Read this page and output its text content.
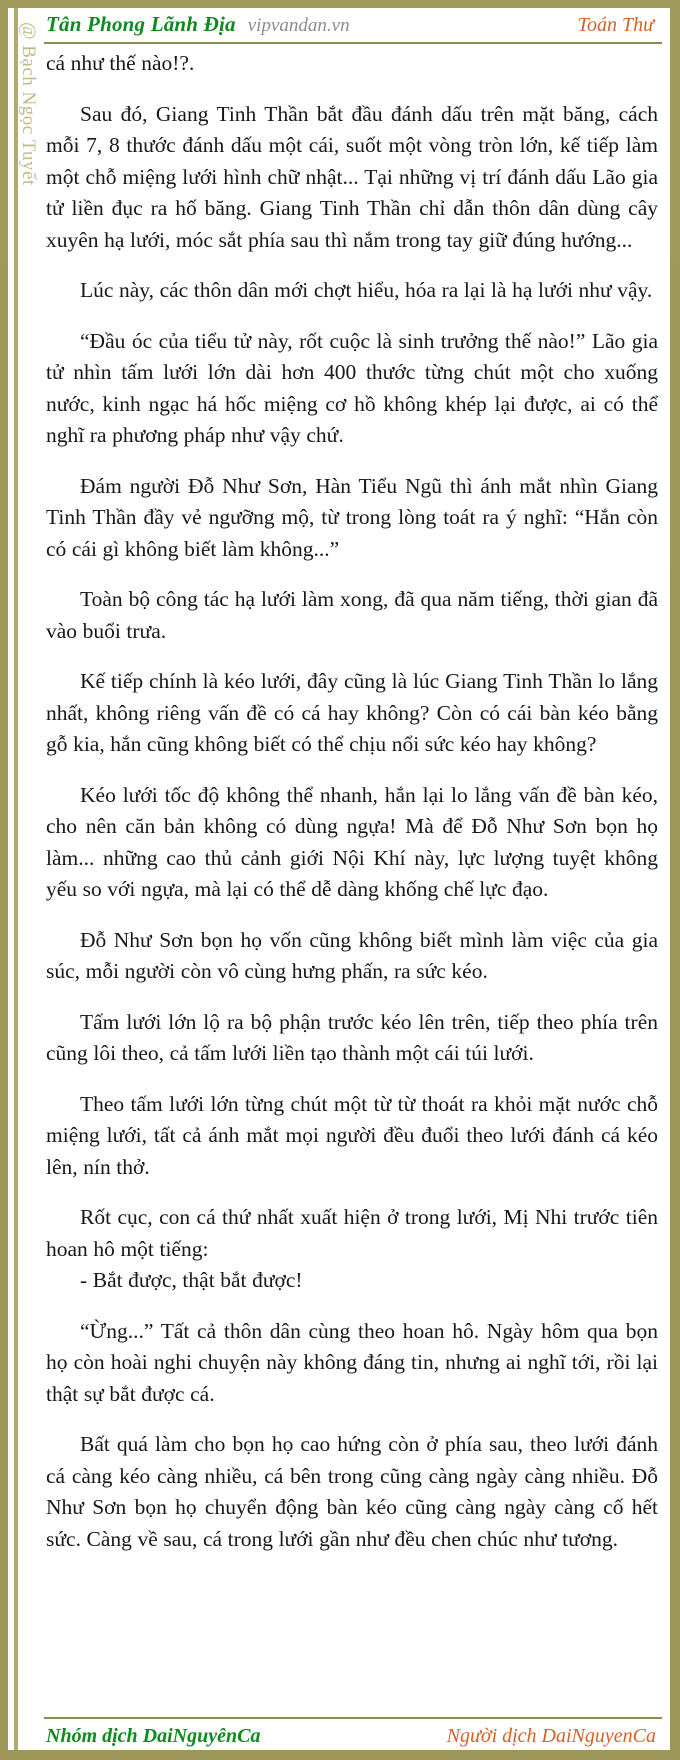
@ Bạch Ngọc Tuyết Tân Phong Lãnh Địa vipvandan.vn	Toán Thư

cá như thế nào!?.

Sau đó, Giang Tinh Thần bắt đầu đánh dấu trên mặt băng, cách mỗi 7, 8 thước đánh dấu một cái, suốt một vòng tròn lớn, kế tiếp làm một chỗ miệng lưới hình chữ nhật... Tại những vị trí đánh dấu Lão gia tử liền đục ra hố băng. Giang Tinh Thần chỉ dẫn thôn dân dùng cây xuyên hạ lưới, móc sắt phía sau thì nắm trong tay giữ đúng hướng...

Lúc này, các thôn dân mới chợt hiểu, hóa ra lại là hạ lưới như vậy.

“Đầu óc của tiểu tử này, rốt cuộc là sinh trưởng thế nào!” Lão gia tử nhìn tấm lưới lớn dài hơn 400 thước từng chút một cho xuống nước, kinh ngạc há hốc miệng cơ hồ không khép lại được, ai có thể nghĩ ra phương pháp như vậy chứ.

Đám người Đỗ Như Sơn, Hàn Tiểu Ngũ thì ánh mắt nhìn Giang Tinh Thần đầy vẻ ngưỡng mộ, từ trong lòng toát ra ý nghĩ: “Hắn còn có cái gì không biết làm không...”

Toàn bộ công tác hạ lưới làm xong, đã qua năm tiếng, thời gian đã vào buổi trưa.

Kế tiếp chính là kéo lưới, đây cũng là lúc Giang Tinh Thần lo lắng nhất, không riêng vấn đề có cá hay không? Còn có cái bàn kéo bằng gỗ kia, hắn cũng không biết có thể chịu nổi sức kéo hay không?

Kéo lưới tốc độ không thể nhanh, hắn lại lo lắng vấn đề bàn kéo, cho nên căn bản không có dùng ngựa! Mà để Đỗ Như Sơn bọn họ làm... những cao thủ cảnh giới Nội Khí này, lực lượng tuyệt không yếu so với ngựa, mà lại có thể dễ dàng khống chế lực đạo.

Đỗ Như Sơn bọn họ vốn cũng không biết mình làm việc của gia súc, mỗi người còn vô cùng hưng phấn, ra sức kéo.

Tấm lưới lớn lộ ra bộ phận trước kéo lên trên, tiếp theo phía trên cũng lôi theo, cả tấm lưới liền tạo thành một cái túi lưới.

Theo tấm lưới lớn từng chút một từ từ thoát ra khỏi mặt nước chỗ miệng lưới, tất cả ánh mắt mọi người đều đuổi theo lưới đánh cá kéo lên, nín thở.

Rốt cục, con cá thứ nhất xuất hiện ở trong lưới, Mị Nhi trước tiên hoan hô một tiếng:

- Bắt được, thật bắt được!

“Ừng...” Tất cả thôn dân cùng theo hoan hô. Ngày hôm qua bọn họ còn hoài nghi chuyện này không đáng tin, nhưng ai nghĩ tới, rồi lại thật sự bắt được cá.

Bất quá làm cho bọn họ cao hứng còn ở phía sau, theo lưới đánh cá càng kéo càng nhiều, cá bên trong cũng càng ngày càng nhiều. Đỗ Như Sơn bọn họ chuyển động bàn kéo cũng càng ngày càng cố hết sức. Càng về sau, cá trong lưới gần như đều chen chúc như tương.

Nhóm dịch DaiNguyênCa	Người dịch DaiNguyenCa
